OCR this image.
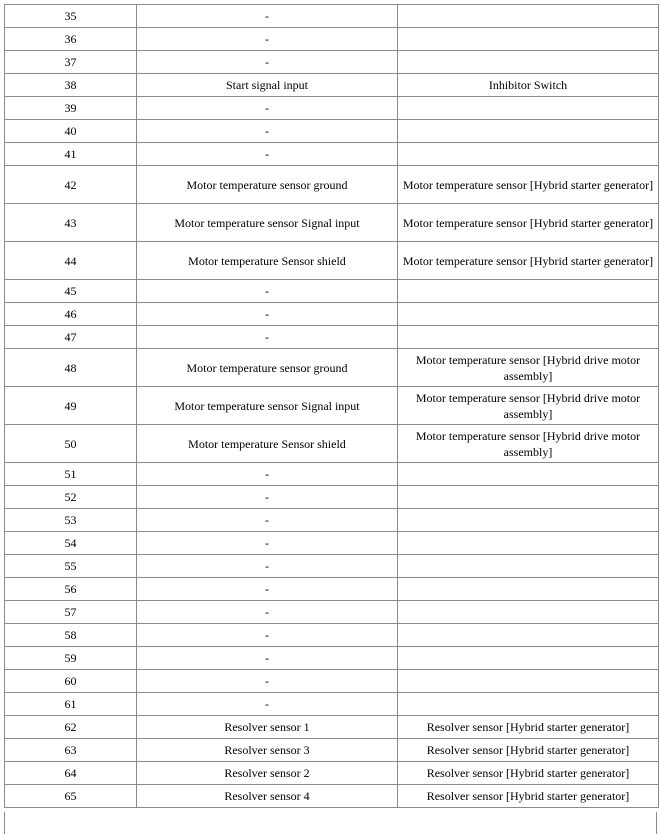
35	-	
36	-	
37	-	
38	Start signal input	Inhibitor Switch
39	-	
40	-	
41	-	
42	Motor temperature sensor ground	Motor temperature sensor [Hybrid starter generator]
43	Motor temperature sensor Signal input	Motor temperature sensor [Hybrid starter generator]
44	Motor temperature Sensor shield	Motor temperature sensor [Hybrid starter generator]
45	-	
46	-	
47	-	
48	Motor temperature sensor ground	Motor temperature sensor [Hybrid drive motor assembly]
49	Motor temperature sensor Signal input	Motor temperature sensor [Hybrid drive motor assembly]
50	Motor temperature Sensor shield	Motor temperature sensor [Hybrid drive motor assembly]
51	-	
52	-	
53	-	
54	-	
55	-	
56	-	
57	-	
58	-	
59	-	
60	-	
61	-	
62	Resolver sensor 1	Resolver sensor [Hybrid starter generator]
63	Resolver sensor 3	Resolver sensor [Hybrid starter generator]
64	Resolver sensor 2	Resolver sensor [Hybrid starter generator]
65	Resolver sensor 4	Resolver sensor [Hybrid starter generator]
